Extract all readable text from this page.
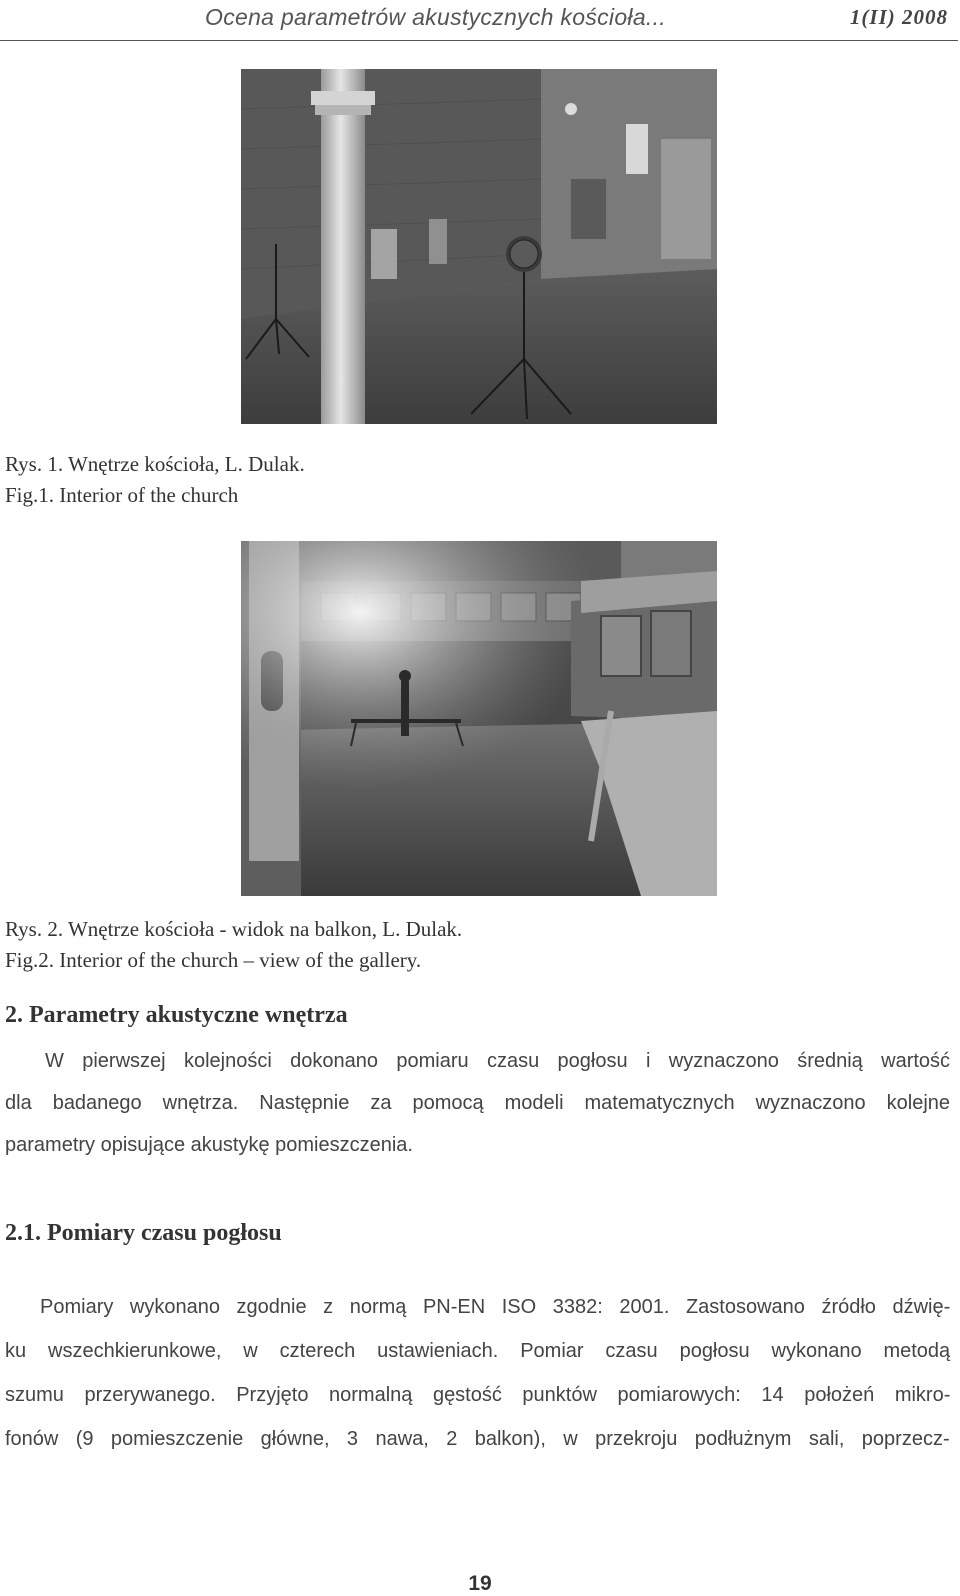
Ocena parametrów akustycznych kościoła...	1(II) 2008
Rys. 1. Wnętrze kościoła, L. Dulak.
Fig.1. Interior of the church
Rys. 2. Wnętrze kościoła - widok na balkon, L. Dulak.
Fig.2. Interior of the church – view of the gallery.
2. Parametry akustyczne wnętrza
W pierwszej kolejności dokonano pomiaru czasu pogłosu i wyznaczono średnią wartość
dla badanego wnętrza. Następnie za pomocą modeli matematycznych wyznaczono kolejne
parametry opisujące akustykę pomieszczenia.
2.1. Pomiary czasu pogłosu
Pomiary wykonano zgodnie z normą PN-EN ISO 3382: 2001. Zastosowano źródło dźwię-
ku wszechkierunkowe, w czterech ustawieniach. Pomiar czasu pogłosu wykonano metodą
szumu przerywanego. Przyjęto normalną gęstość punktów pomiarowych: 14 położeń mikro-
fonów (9 pomieszczenie główne, 3 nawa, 2 balkon), w przekroju podłużnym sali, poprzecz-
19
